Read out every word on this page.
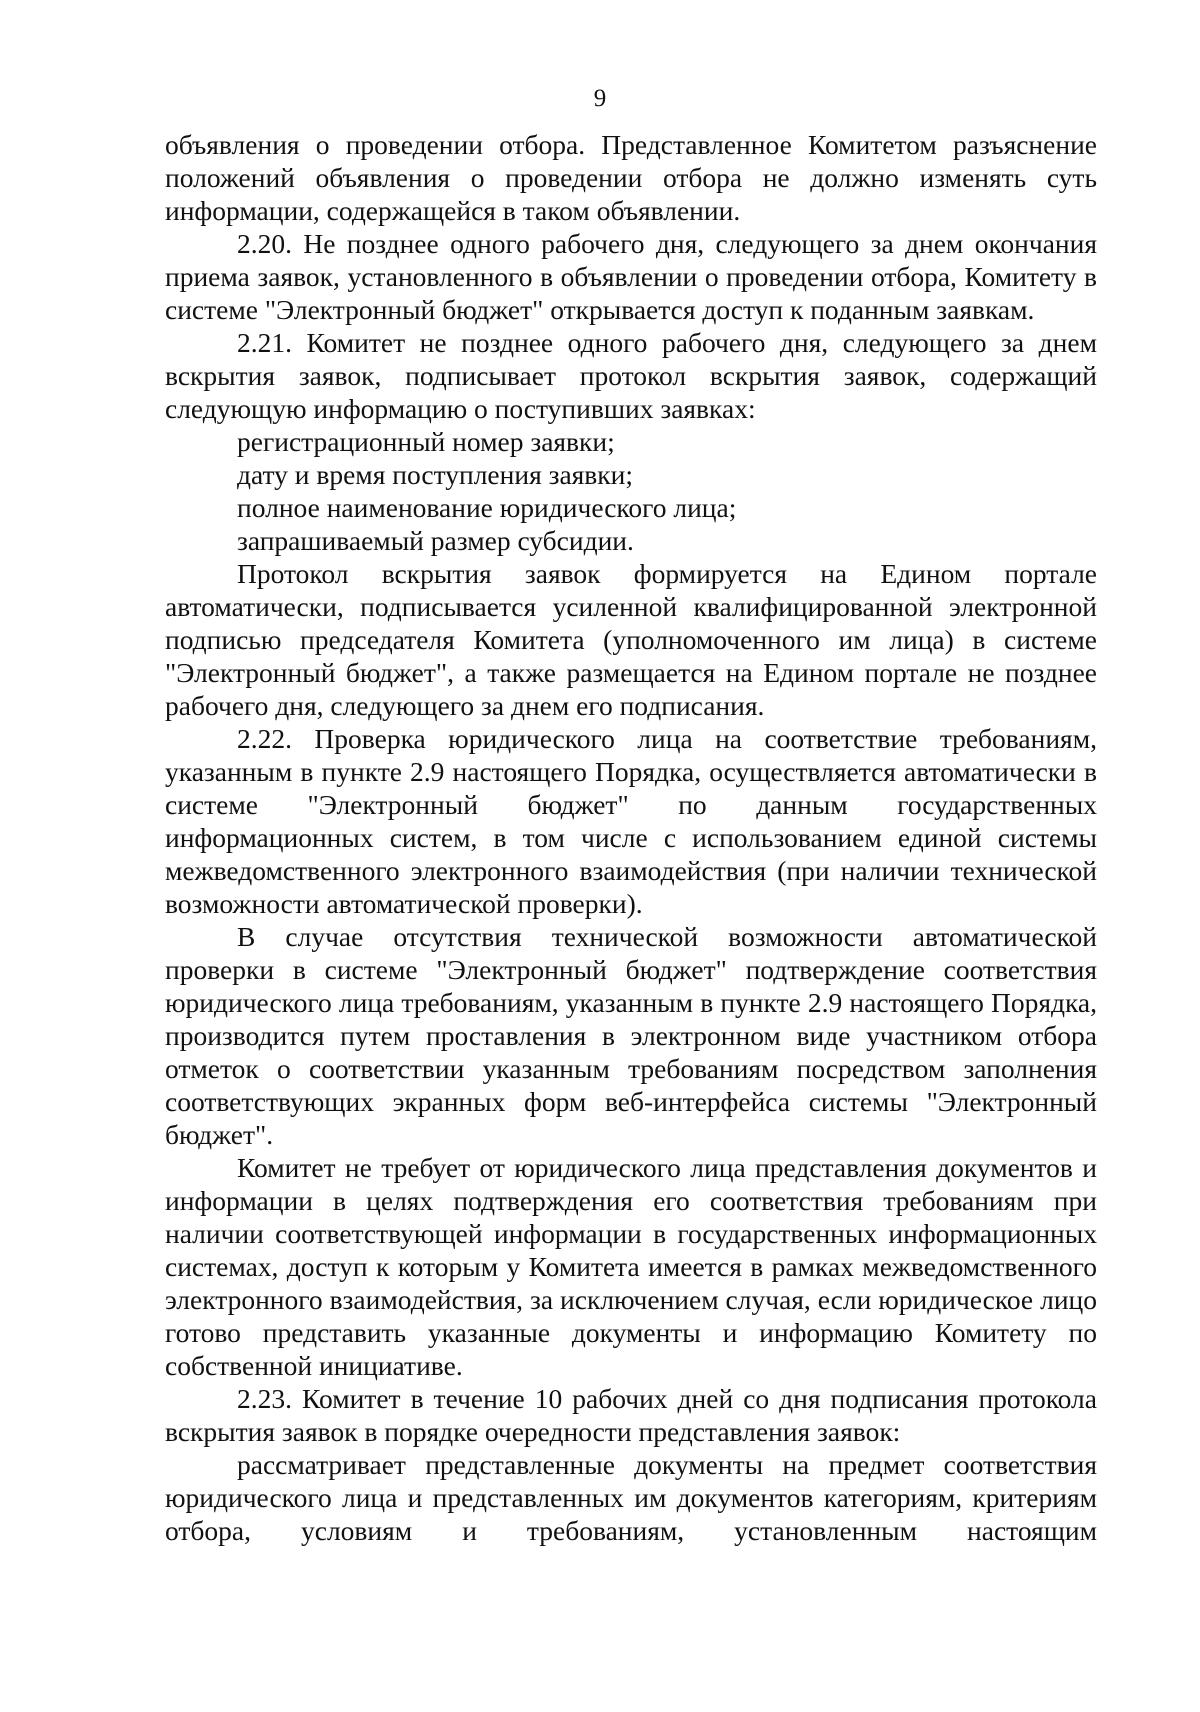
9

объявления о проведении отбора. Представленное Комитетом разъяснение положений объявления о проведении отбора не должно изменять суть информации, содержащейся в таком объявлении.

2.20. Не позднее одного рабочего дня, следующего за днем окончания приема заявок, установленного в объявлении о проведении отбора, Комитету в системе "Электронный бюджет" открывается доступ к поданным заявкам.

2.21. Комитет не позднее одного рабочего дня, следующего за днем вскрытия заявок, подписывает протокол вскрытия заявок, содержащий следующую информацию о поступивших заявках:

регистрационный номер заявки;

дату и время поступления заявки;

полное наименование юридического лица;

запрашиваемый размер субсидии.

Протокол вскрытия заявок формируется на Едином портале автоматически, подписывается усиленной квалифицированной электронной подписью председателя Комитета (уполномоченного им лица) в системе "Электронный бюджет", а также размещается на Едином портале не позднее рабочего дня, следующего за днем его подписания.

2.22. Проверка юридического лица на соответствие требованиям, указанным в пункте 2.9 настоящего Порядка, осуществляется автоматически в системе "Электронный бюджет" по данным государственных информационных систем, в том числе с использованием единой системы межведомственного электронного взаимодействия (при наличии технической возможности автоматической проверки).

В случае отсутствия технической возможности автоматической проверки в системе "Электронный бюджет" подтверждение соответствия юридического лица требованиям, указанным в пункте 2.9 настоящего Порядка, производится путем проставления в электронном виде участником отбора отметок о соответствии указанным требованиям посредством заполнения соответствующих экранных форм веб-интерфейса системы "Электронный бюджет".

Комитет не требует от юридического лица представления документов и информации в целях подтверждения его соответствия требованиям при наличии соответствующей информации в государственных информационных системах, доступ к которым у Комитета имеется в рамках межведомственного электронного взаимодействия, за исключением случая, если юридическое лицо готово представить указанные документы и информацию Комитету по собственной инициативе.

2.23. Комитет в течение 10 рабочих дней со дня подписания протокола вскрытия заявок в порядке очередности представления заявок:

рассматривает представленные документы на предмет соответствия юридического лица и представленных им документов категориям, критериям отбора, условиям и требованиям, установленным настоящим
